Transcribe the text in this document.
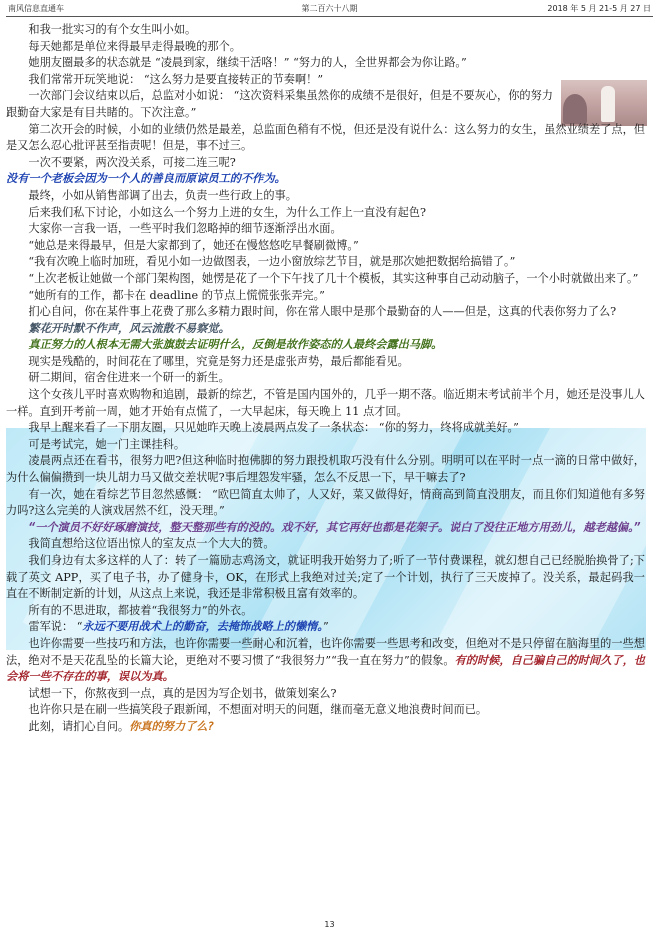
南风信息直通车	第二百六十八期	2018 年 5 月 21-5 月 27 日

和我一批实习的有个女生叫小如。

每天她都是单位来得最早走得最晚的那个。

她朋友圈最多的状态就是 “凌晨到家，继续干活咯！” “努力的人，全世界都会为你让路。”

我们常常开玩笑地说： “这么努力是要直接转正的节奏啊！”

一次部门会议结束以后，总监对小如说： “这次资料采集虽然你的成绩不是很好，但是不要灰心，你的努力跟勤奋大家是有目共睹的。下次注意。”

第二次开会的时候，小如的业绩仍然是最差，总监面色稍有不悦，但还是没有说什么：这么努力的女生，虽然业绩差了点，但是又怎么忍心批评甚至指责呢！但是，事不过三。

一次不要紧，两次没关系，可接二连三呢?

没有一个老板会因为一个人的善良而原谅员工的不作为。

最终，小如从销售部调了出去，负责一些行政上的事。

后来我们私下讨论，小如这么一个努力上进的女生，为什么工作上一直没有起色?

大家你一言我一语，一些平时我们忽略掉的细节逐渐浮出水面。

“她总是来得最早，但是大家都到了，她还在慢悠悠吃早餐刷微博。”

“我有次晚上临时加班，看见小如一边做图表，一边小窗放综艺节目，就是那次她把数据给搞错了。”

“上次老板让她做一个部门架构图，她愣是花了一个下午找了几十个模板，其实这种事自己动动脑子，一个小时就做出来了。”

“她所有的工作，都卡在 deadline 的节点上慌慌张张弄完。”

扪心自问，你在某件事上花费了那么多精力跟时间，你在常人眼中是那个最勤奋的人——但是，这真的代表你努力了么?

繁花开时默不作声，风云流散不易察觉。

真正努力的人根本无需大张旗鼓去证明什么，反倒是故作姿态的人最终会露出马脚。

现实是残酷的，时间花在了哪里，究竟是努力还是虚张声势，最后都能看见。

研二期间，宿舍住进来一个研一的新生。

这个女孩儿平时喜欢购物和追剧，最新的综艺，不管是国内国外的，几乎一期不落。临近期末考试前半个月，她还是没事儿人一样。直到开考前一周，她才开始有点慌了，一大早起床，每天晚上 11 点才回。

我早上醒来看了一下朋友圈，只见她昨天晚上凌晨两点发了一条状态： “你的努力，终将成就美好。”

可是考试完，她一门主课挂科。

凌晨两点还在看书，很努力吧?但这种临时抱佛脚的努力跟投机取巧没有什么分别。明明可以在平时一点一滴的日常中做好，为什么偏偏攒到一块儿胡力马又做交差状呢?事后埋怨发牢骚，怎么不反思一下，早干嘛去了?

有一次，她在看综艺节目忽然感慨： “欧巴简直太帅了，人又好，菜又做得好，情商高到简直没朋友，而且你们知道他有多努力吗?这么完美的人演戏居然不红，没天理。”

“一个演员不好好琢磨演技，整天整那些有的没的。戏不好，其它再好也都是花架子。说白了没往正地方用劲儿，越老越偏。”

我简直想给这位语出惊人的室友点一个大大的赞。

我们身边有太多这样的人了：转了一篇励志鸡汤文，就证明我开始努力了;听了一节付费课程，就幻想自己已经脱胎换骨了;下载了英文 APP，买了电子书，办了健身卡，OK，在形式上我绝对过关;定了一个计划，执行了三天废掉了。没关系，最起码我一直在不断制定新的计划，从这点上来说，我还是非常积极且富有效率的。

所有的不思进取，都披着“我很努力”的外衣。

雷军说： “永远不要用战术上的勤奋，去掩饰战略上的懒惰。”

也许你需要一些技巧和方法，也许你需要一些耐心和沉着，也许你需要一些思考和改变，但绝对不是只停留在脑海里的一些想法，绝对不是天花乱坠的长篇大论，更绝对不要习惯了“我很努力”“我一直在努力”的假象。有的时候，自己骗自己的时间久了，也会将一些不存在的事，误以为真。

试想一下，你熬夜到一点，真的是因为写企划书，做策划案么?

也许你只是在刷一些搞笑段子跟新闻，不想面对明天的问题，继而毫无意义地浪费时间而已。

此刻，请扪心自问。你真的努力了么?

13
